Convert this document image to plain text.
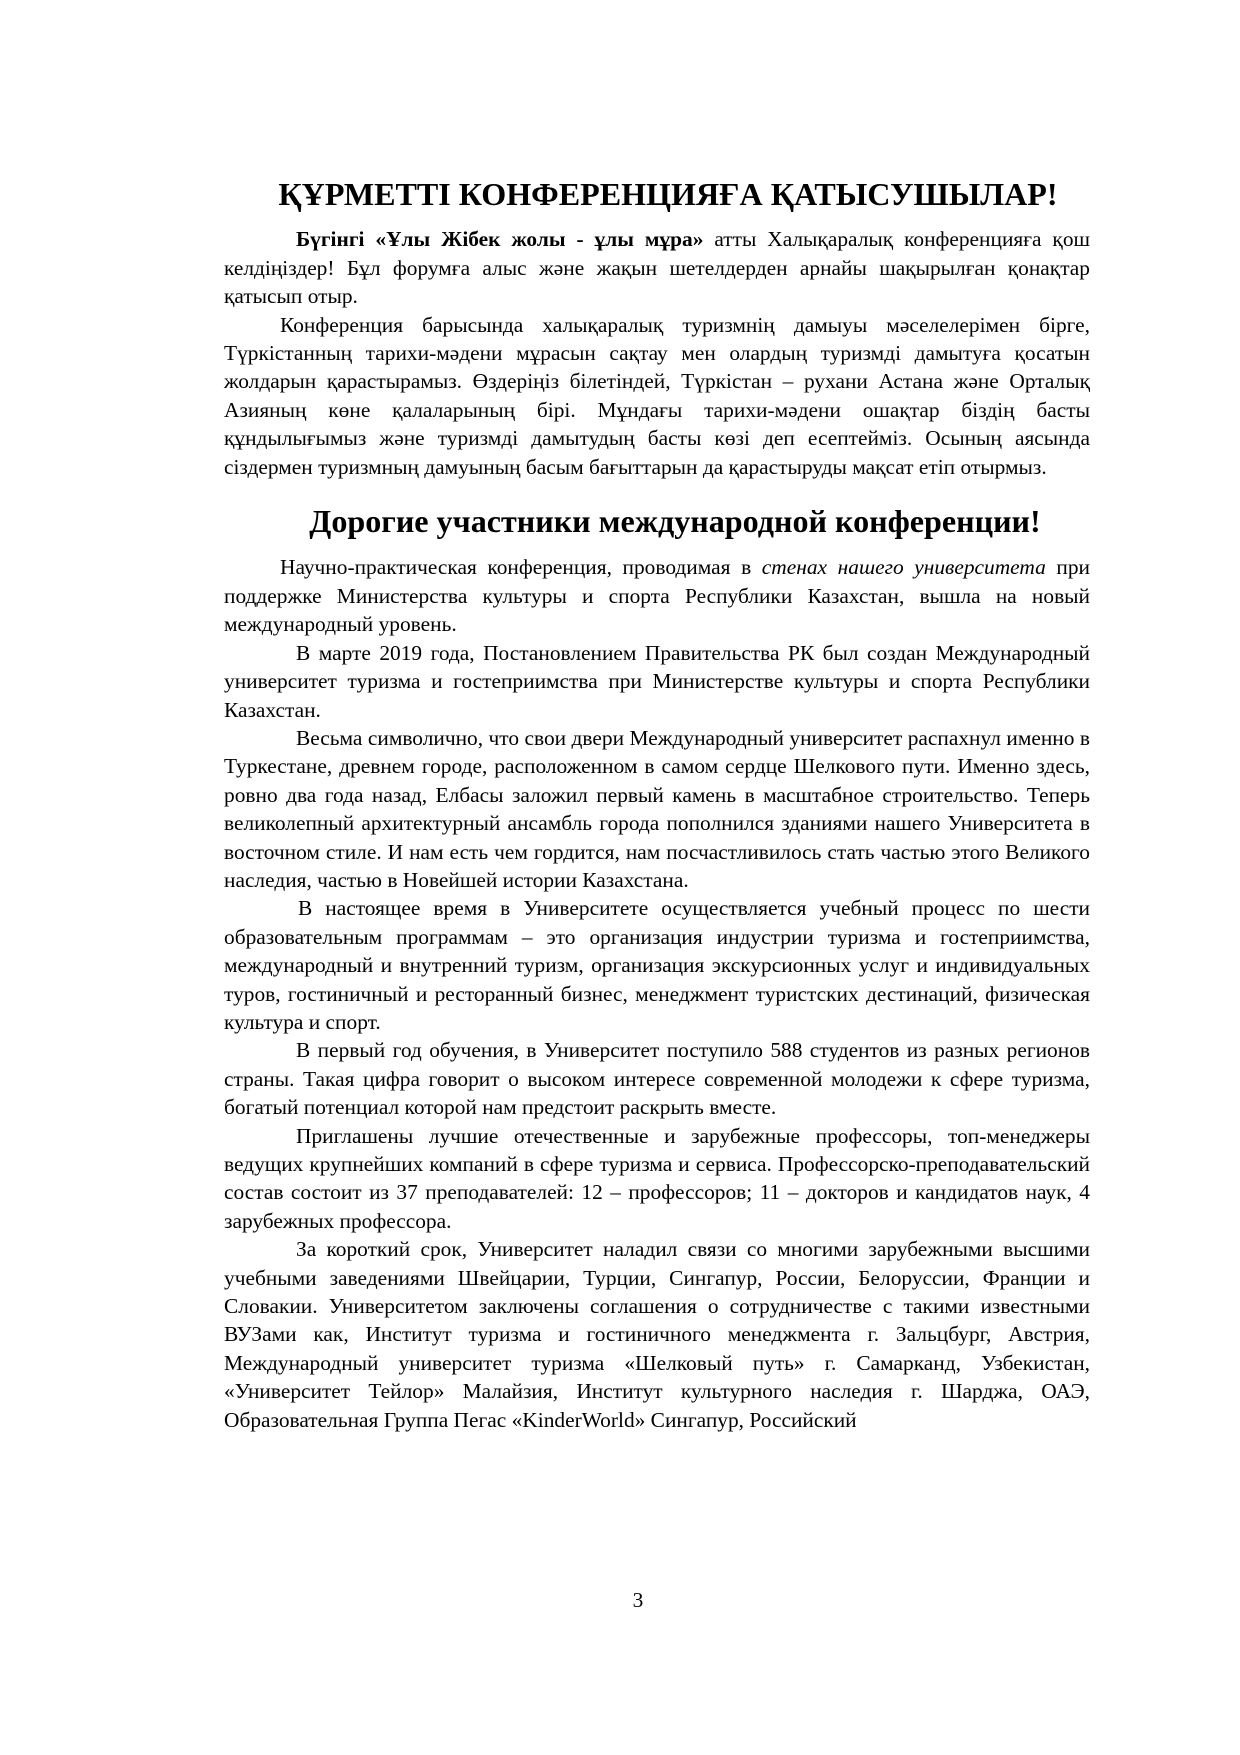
ҚҰРМЕТТІ КОНФЕРЕНЦИЯҒА ҚАТЫСУШЫЛАР!

Бүгінгі «Ұлы Жібек жолы - ұлы мұра» атты Халықаралық конференцияға қош келдіңіздер! Бұл форумға алыс және жақын шетелдерден арнайы шақырылған қонақтар қатысып отыр.

Конференция барысында халықаралық туризмнің дамыуы мәселелерімен бірге, Түркістанның тарихи-мәдени мұрасын сақтау мен олардың туризмді дамытуға қосатын жолдарын қарастырамыз. Өздеріңіз білетіндей, Түркістан – рухани Астана және Орталық Азияның көне қалаларының бірі. Мұндағы тарихи-мәдени ошақтар біздің басты құндылығымыз және туризмді дамытудың басты көзі деп есептейміз. Осының аясында сіздермен туризмның дамуының басым бағыттарын да қарастыруды мақсат етіп отырмыз.

Дорогие участники международной конференции!

Научно-практическая конференция, проводимая в стенах нашего университета при поддержке Министерства культуры и спорта Республики Казахстан, вышла на новый международный уровень.

В марте 2019 года, Постановлением Правительства РК был создан Международный университет туризма и гостеприимства при Министерстве культуры и спорта Республики Казахстан.

Весьма символично, что свои двери Международный университет распахнул именно в Туркестане, древнем городе, расположенном в самом сердце Шелкового пути. Именно здесь, ровно два года назад, Елбасы заложил первый камень в масштабное строительство. Теперь великолепный архитектурный ансамбль города пополнился зданиями нашего Университета в восточном стиле. И нам есть чем гордится, нам посчастливилось стать частью этого Великого наследия, частью в Новейшей истории Казахстана.

В настоящее время в Университете осуществляется учебный процесс по шести образовательным программам – это организация индустрии туризма и гостеприимства, международный и внутренний туризм, организация экскурсионных услуг и индивидуальных туров, гостиничный и ресторанный бизнес, менеджмент туристских дестинаций, физическая культура и спорт.

В первый год обучения, в Университет поступило 588 студентов из разных регионов страны. Такая цифра говорит о высоком интересе современной молодежи к сфере туризма, богатый потенциал которой нам предстоит раскрыть вместе.

Приглашены лучшие отечественные и зарубежные профессоры, топ-менеджеры ведущих крупнейших компаний в сфере туризма и сервиса. Профессорско-преподавательский состав состоит из 37 преподавателей: 12 – профессоров; 11 – докторов и кандидатов наук, 4 зарубежных профессора.

За короткий срок, Университет наладил связи со многими зарубежными высшими учебными заведениями Швейцарии, Турции, Сингапур, России, Белоруссии, Франции и Словакии. Университетом заключены соглашения о сотрудничестве с такими известными ВУЗами как, Институт туризма и гостиничного менеджмента г. Зальцбург, Австрия, Международный университет туризма «Шелковый путь» г. Самарканд, Узбекистан, «Университет Тейлор» Малайзия, Институт культурного наследия г. Шарджа, ОАЭ, Образовательная Группа Пегас «KinderWorld» Сингапур, Российский

3
